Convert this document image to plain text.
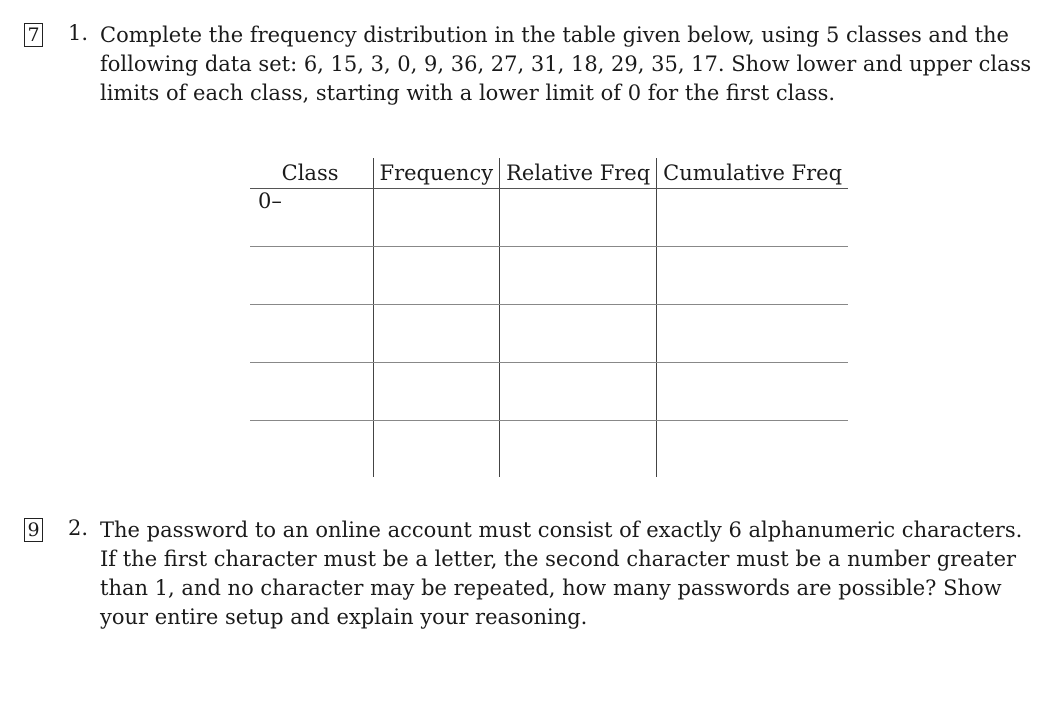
7 1. Complete the frequency distribution in the table given below, using 5 classes and the
following data set: 6, 15, 3, 0, 9, 36, 27, 31, 18, 29, 35, 17. Show lower and upper class
limits of each class, starting with a lower limit of 0 for the first class.
Class	Frequency	Relative Freq	Cumulative Freq
0–			

9 2. The password to an online account must consist of exactly 6 alphanumeric characters.
If the first character must be a letter, the second character must be a number greater
than 1, and no character may be repeated, how many passwords are possible? Show
your entire setup and explain your reasoning.
